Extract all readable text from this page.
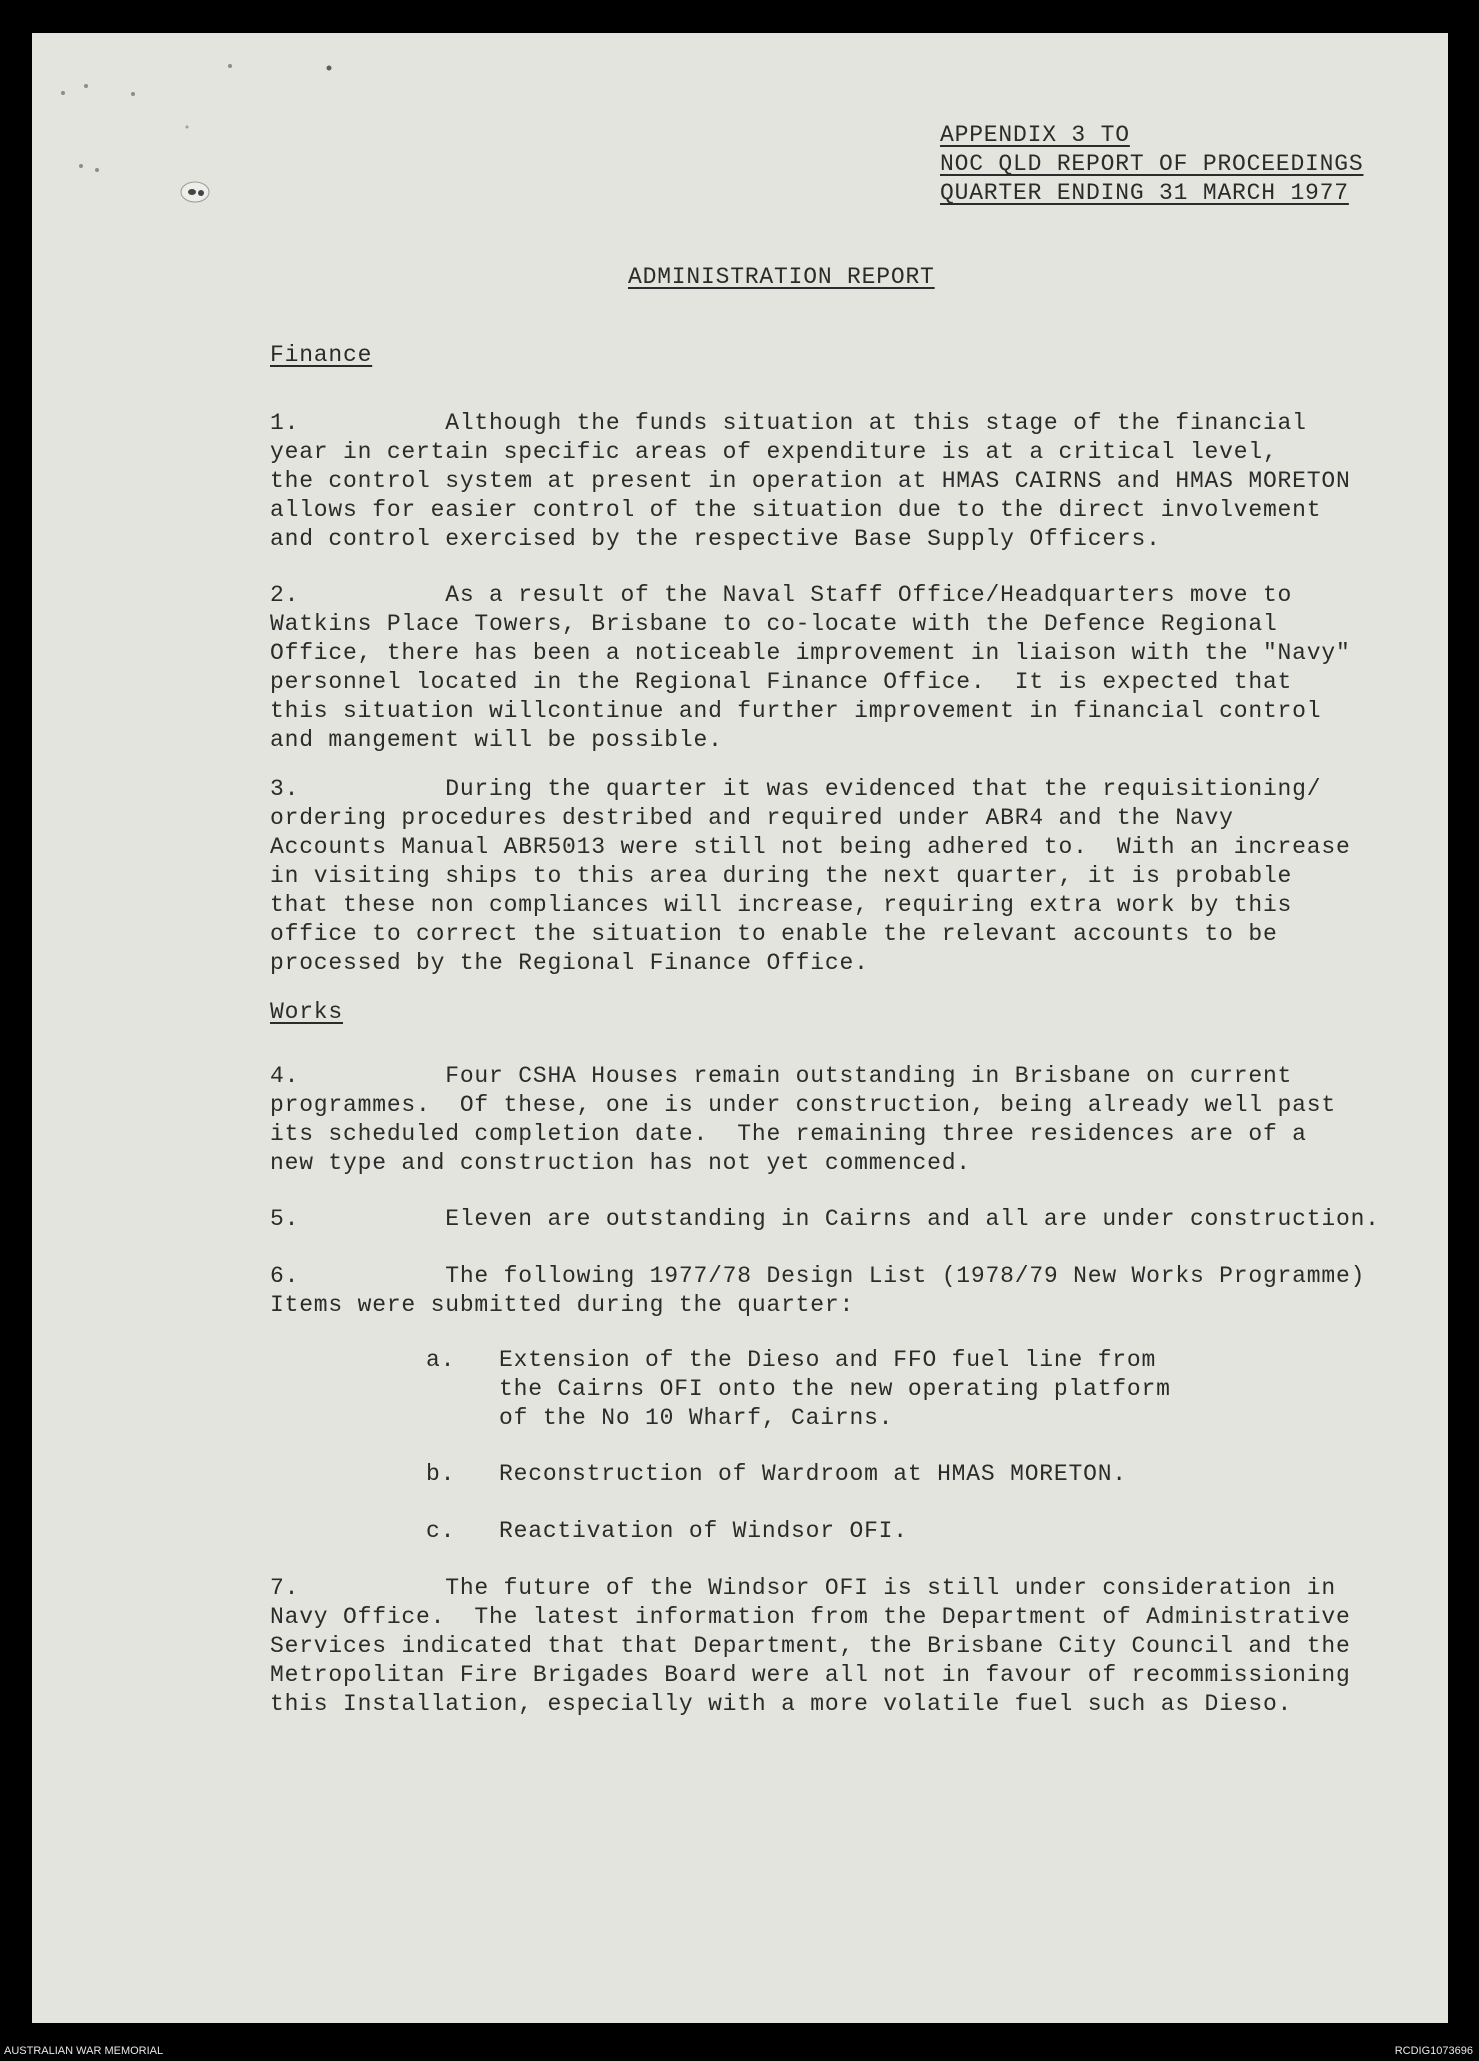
APPENDIX 3 TO
NOC QLD REPORT OF PROCEEDINGS
QUARTER ENDING 31 MARCH 1977
ADMINISTRATION REPORT
Finance
1.          Although the funds situation at this stage of the financial
year in certain specific areas of expenditure is at a critical level,
the control system at present in operation at HMAS CAIRNS and HMAS MORETON
allows for easier control of the situation due to the direct involvement
and control exercised by the respective Base Supply Officers.
2.          As a result of the Naval Staff Office/Headquarters move to
Watkins Place Towers, Brisbane to co-locate with the Defence Regional
Office, there has been a noticeable improvement in liaison with the "Navy"
personnel located in the Regional Finance Office.  It is expected that
this situation willcontinue and further improvement in financial control
and mangement will be possible.
3.          During the quarter it was evidenced that the requisitioning/
ordering procedures destribed and required under ABR4 and the Navy
Accounts Manual ABR5013 were still not being adhered to.  With an increase
in visiting ships to this area during the next quarter, it is probable
that these non compliances will increase, requiring extra work by this
office to correct the situation to enable the relevant accounts to be
processed by the Regional Finance Office.
Works
4.          Four CSHA Houses remain outstanding in Brisbane on current
programmes.  Of these, one is under construction, being already well past
its scheduled completion date.  The remaining three residences are of a
new type and construction has not yet commenced.
5.          Eleven are outstanding in Cairns and all are under construction.
6.          The following 1977/78 Design List (1978/79 New Works Programme)
Items were submitted during the quarter:
a.   Extension of the Dieso and FFO fuel line from
the Cairns OFI onto the new operating platform
of the No 10 Wharf, Cairns.
b.   Reconstruction of Wardroom at HMAS MORETON.
c.   Reactivation of Windsor OFI.
7.          The future of the Windsor OFI is still under consideration in
Navy Office.  The latest information from the Department of Administrative
Services indicated that that Department, the Brisbane City Council and the
Metropolitan Fire Brigades Board were all not in favour of recommissioning
this Installation, especially with a more volatile fuel such as Dieso.
AUSTRALIAN WAR MEMORIAL	RCDIG1073696
